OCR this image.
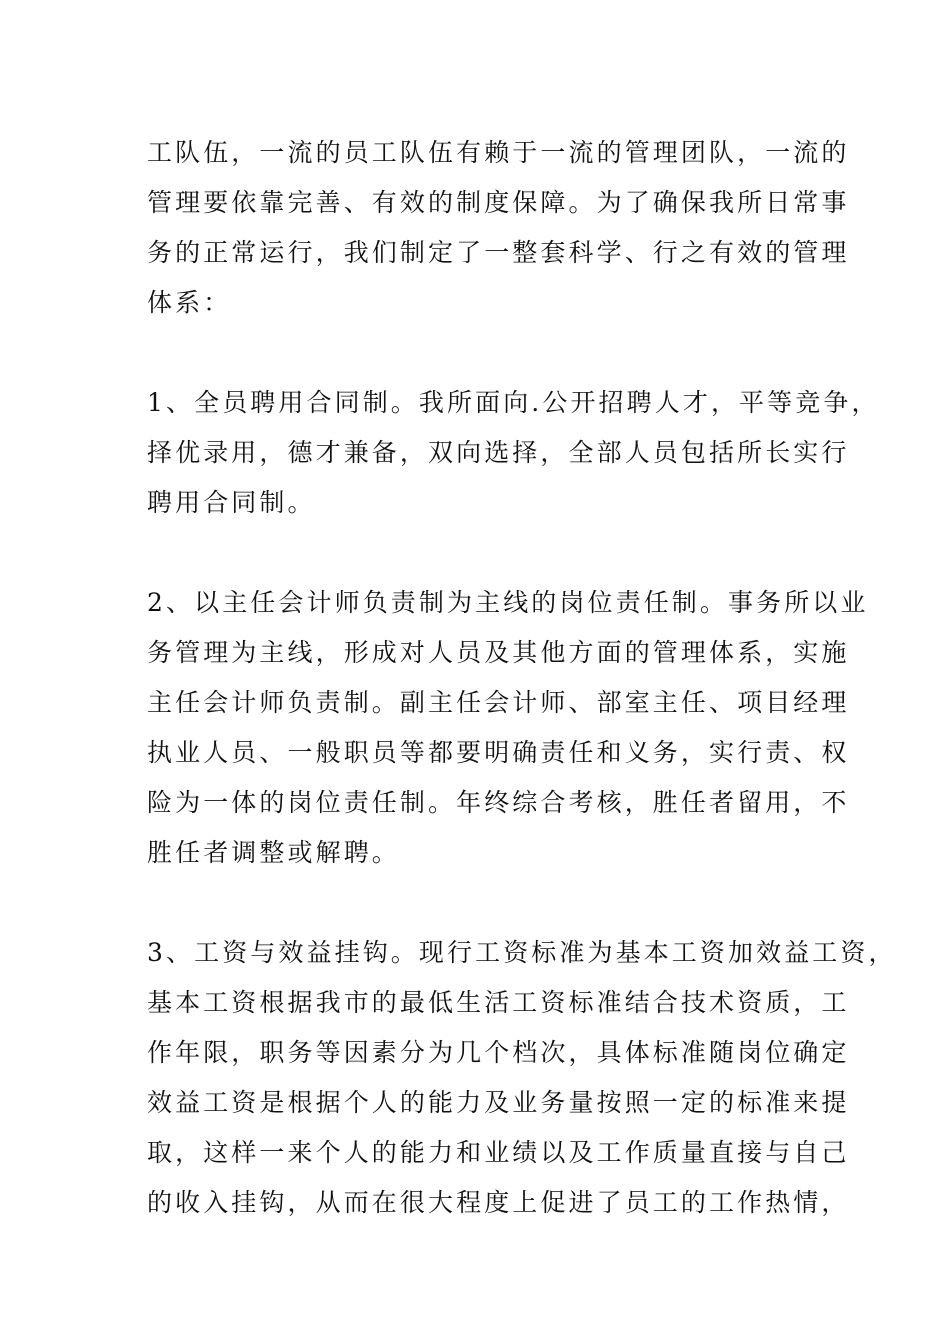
工队伍，一流的员工队伍有赖于一流的管理团队，一流的
管理要依靠完善、有效的制度保障。为了确保我所日常事
务的正常运行，我们制定了一整套科学、行之有效的管理
体系：
1、全员聘用合同制。我所面向.公开招聘人才，平等竞争，
择优录用，德才兼备，双向选择，全部人员包括所长实行
聘用合同制。
2、以主任会计师负责制为主线的岗位责任制。事务所以业
务管理为主线，形成对人员及其他方面的管理体系，实施
主任会计师负责制。副主任会计师、部室主任、项目经理
执业人员、一般职员等都要明确责任和义务，实行责、权
险为一体的岗位责任制。年终综合考核，胜任者留用，不
胜任者调整或解聘。
3、工资与效益挂钩。现行工资标准为基本工资加效益工资，
基本工资根据我市的最低生活工资标准结合技术资质，工
作年限，职务等因素分为几个档次，具体标准随岗位确定
效益工资是根据个人的能力及业务量按照一定的标准来提
取，这样一来个人的能力和业绩以及工作质量直接与自己
的收入挂钩，从而在很大程度上促进了员工的工作热情，
